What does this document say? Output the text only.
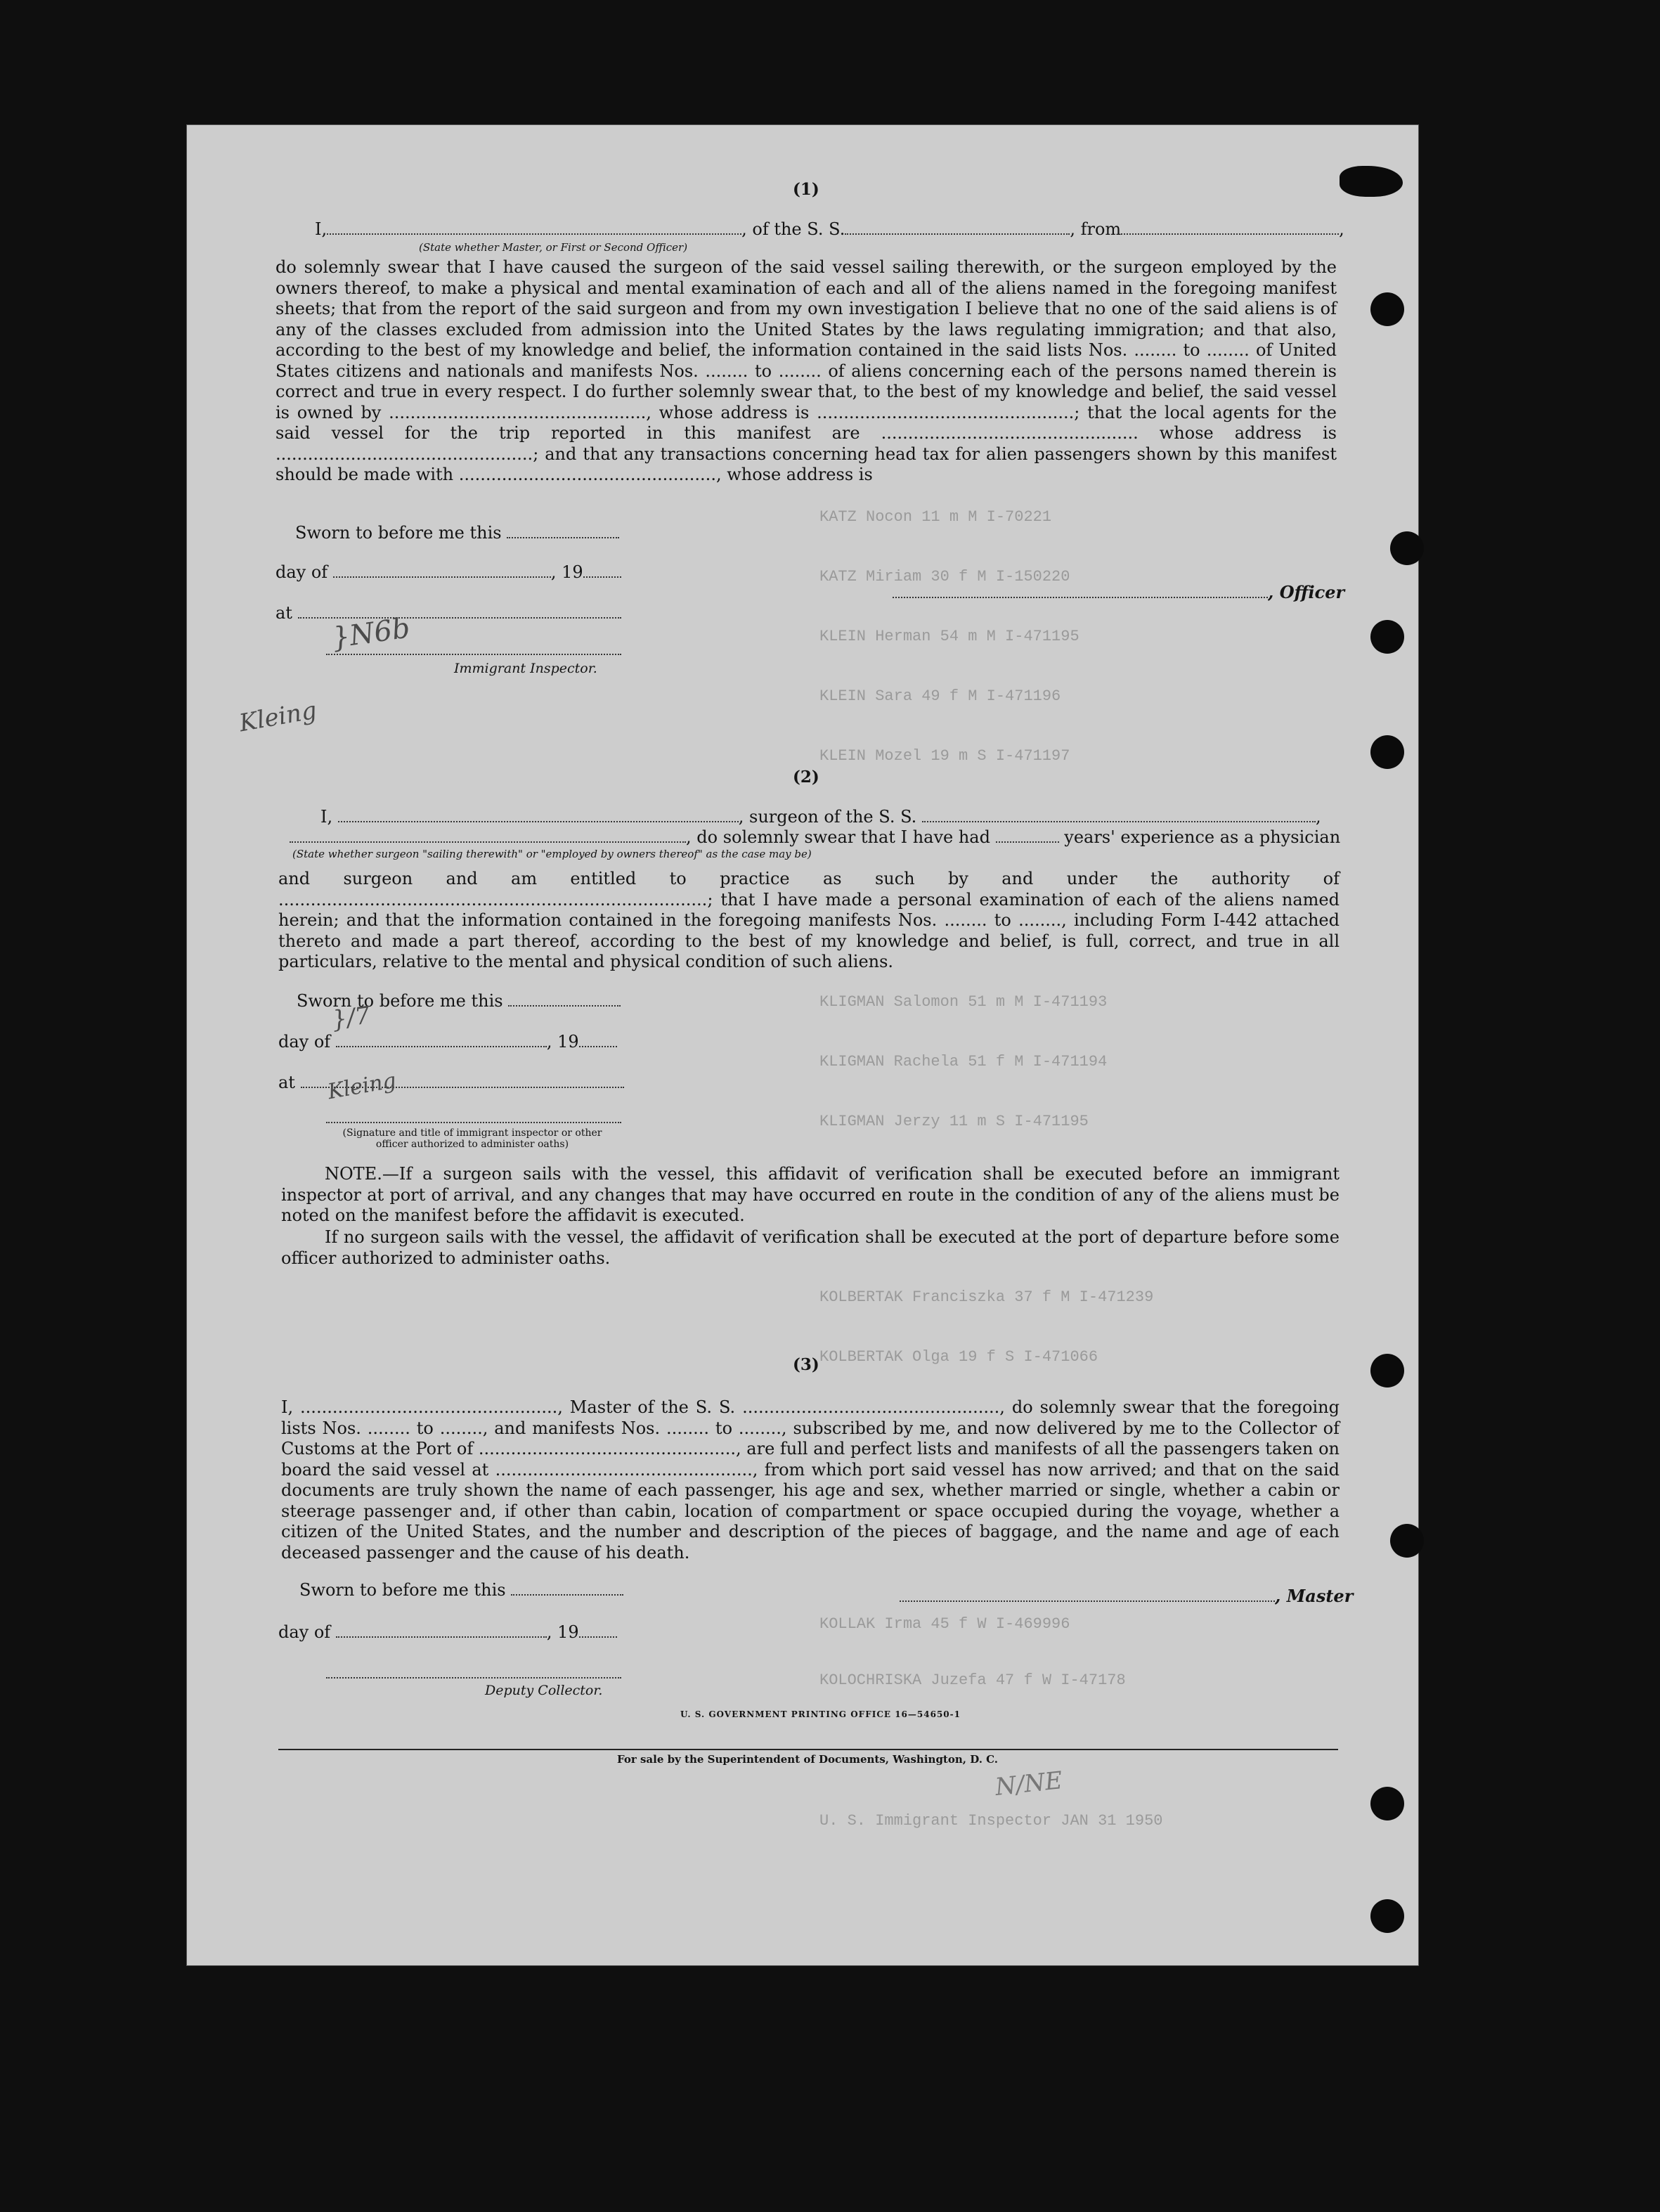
KATZ Nocon 11 m M I-70221
KATZ Miriam 30 f M I-150220
KLEIN Herman 54 m M I-471195
KLEIN Sara 49 f M I-471196
KLEIN Mozel 19 m S I-471197
KLIGMAN Salomon 51 m M I-471193
KLIGMAN Rachela 51 f M I-471194
KLIGMAN Jerzy 11 m S I-471195
KOLBERTAK Franciszka 37 f M I-471239
KOLBERTAK Olga 19 f S I-471066
KOLLAK Irma 45 f W I-469996
KOLOCHRISKA Juzefa 47 f W I-47178
U. S. Immigrant Inspector JAN 31 1950
(1)
I,	, of the S. S.	, from	,
(State whether Master, or First or Second Officer)
do solemnly swear that I have caused the surgeon of the said vessel sailing therewith, or the surgeon employed by the owners thereof, to make a physical and mental examination of each and all of the aliens named in the foregoing manifest sheets; that from the report of the said surgeon and from my own investigation I believe that no one of the said aliens is of any of the classes excluded from admission into the United States by the laws regulating immigration; and that also, according to the best of my knowledge and belief, the information contained in the said lists Nos. ........ to ........ of United States citizens and nationals and manifests Nos. ........ to ........ of aliens concerning each of the persons named therein is correct and true in every respect. I do further solemnly swear that, to the best of my knowledge and belief, the said vessel is owned by ................................................, whose address is ................................................; that the local agents for the said vessel for the trip reported in this manifest are ................................................ whose address is ................................................; and that any transactions concerning head tax for alien passengers shown by this manifest should be made with ................................................, whose address is
Sworn to before me this
day of	, 19
, Officer
at
Immigrant Inspector.
}N6b
Kleing
(2)
I,	, surgeon of the S. S.	,
, do solemnly swear that I have had	years' experience as a physician
(State whether surgeon "sailing therewith" or "employed by owners thereof" as the case may be)
and surgeon and am entitled to practice as such by and under the authority of ................................................................................; that I have made a personal examination of each of the aliens named herein; and that the information contained in the foregoing manifests Nos. ........ to ........, including Form I-442 attached thereto and made a part thereof, according to the best of my knowledge and belief, is full, correct, and true in all particulars, relative to the mental and physical condition of such aliens.
Sworn to before me this
day of	, 19
at
(Signature and title of immigrant inspector or other officer authorized to administer oaths)
}/7
Kleing
NOTE.—If a surgeon sails with the vessel, this affidavit of verification shall be executed before an immigrant inspector at port of arrival, and any changes that may have occurred en route in the condition of any of the aliens must be noted on the manifest before the affidavit is executed.
If no surgeon sails with the vessel, the affidavit of verification shall be executed at the port of departure before some officer authorized to administer oaths.
(3)
I, ................................................, Master of the S. S. ................................................, do solemnly swear that the foregoing lists Nos. ........ to ........, and manifests Nos. ........ to ........, subscribed by me, and now delivered by me to the Collector of Customs at the Port of ................................................, are full and perfect lists and manifests of all the passengers taken on board the said vessel at ................................................, from which port said vessel has now arrived; and that on the said documents are truly shown the name of each passenger, his age and sex, whether married or single, whether a cabin or steerage passenger and, if other than cabin, location of compartment or space occupied during the voyage, whether a citizen of the United States, and the number and description of the pieces of baggage, and the name and age of each deceased passenger and the cause of his death.
Sworn to before me this	, Master
day of	, 19
Deputy Collector.
U. S. GOVERNMENT PRINTING OFFICE 16—54650-1
For sale by the Superintendent of Documents, Washington, D. C.
N/NE
